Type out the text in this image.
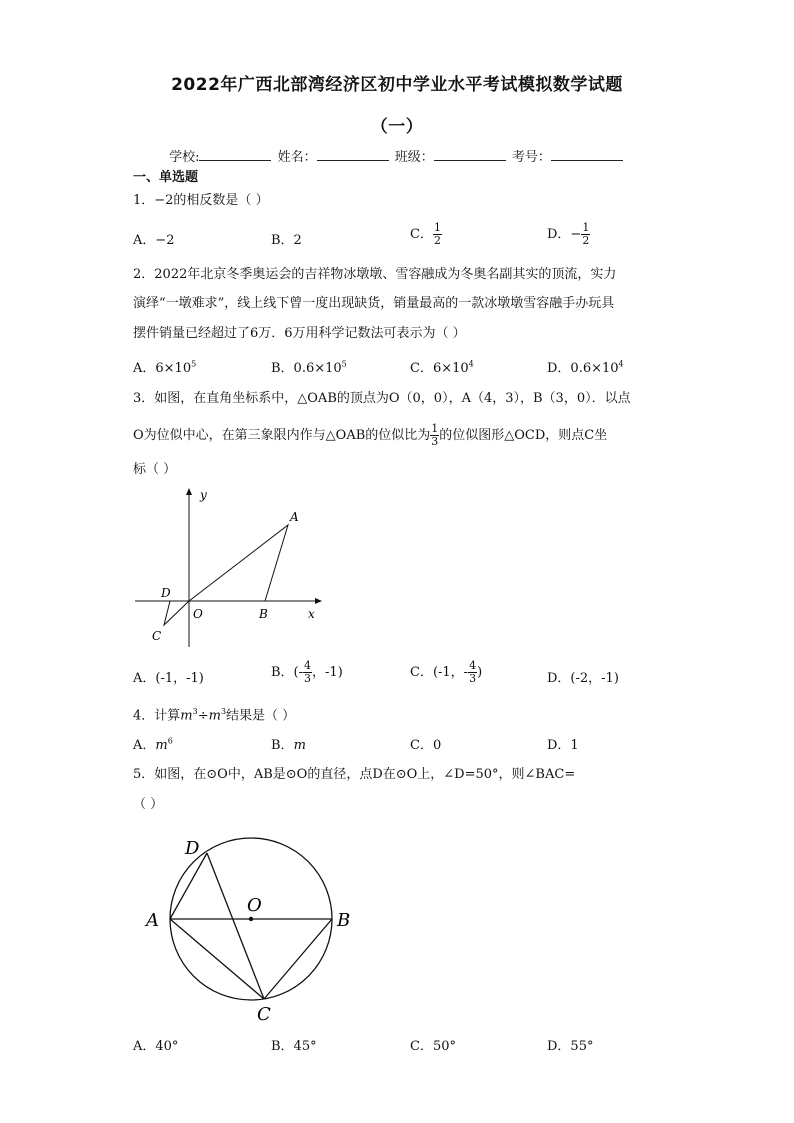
2022年广西北部湾经济区初中学业水平考试模拟数学试题
（一）
学校:	姓名：	班级：	考号：
一、单选题
1．−2的相反数是（ ）
A．−2	B．2	C． $\frac{1}{2}$	D．− $\frac{1}{2}$
2．2022年北京冬季奥运会的吉祥物冰墩墩、雪容融成为冬奥名副其实的顶流，实力
演绎“一墩难求”，线上线下曾一度出现缺货，销量最高的一款冰墩墩雪容融手办玩具
摆件销量已经超过了6万．6万用科学记数法可表示为（ ）
A．$6\times 10^5$	B．$0.6\times 10^5$	C．$6\times 10^4$	D．$0.6\times 10^4$
3．如图，在直角坐标系中，△OAB的顶点为O（0，0），A（4，3），B（3，0）．以点
O为位似中心，在第三象限内作与△OAB的位似比为 $\frac{1}{3}$ 的位似图形△OCD，则点C坐
标（ ）
y
x
A
B
O
C
D
A．(-1，-1)	B．(- $\frac{4}{3}$ ，-1)	C．(-1，- $\frac{4}{3}$ )	D．(-2，-1)
4．计算$m^3\div m^3$结果是（ ）
A．$m^6$	B．m	C．0	D．1
5．如图，在⊙O中，AB是⊙O的直径，点D在⊙O上，∠D=50°，则∠BAC=
（ ）
D
O
A	B
C
A．40°	B．45°	C．50°	D．55°
